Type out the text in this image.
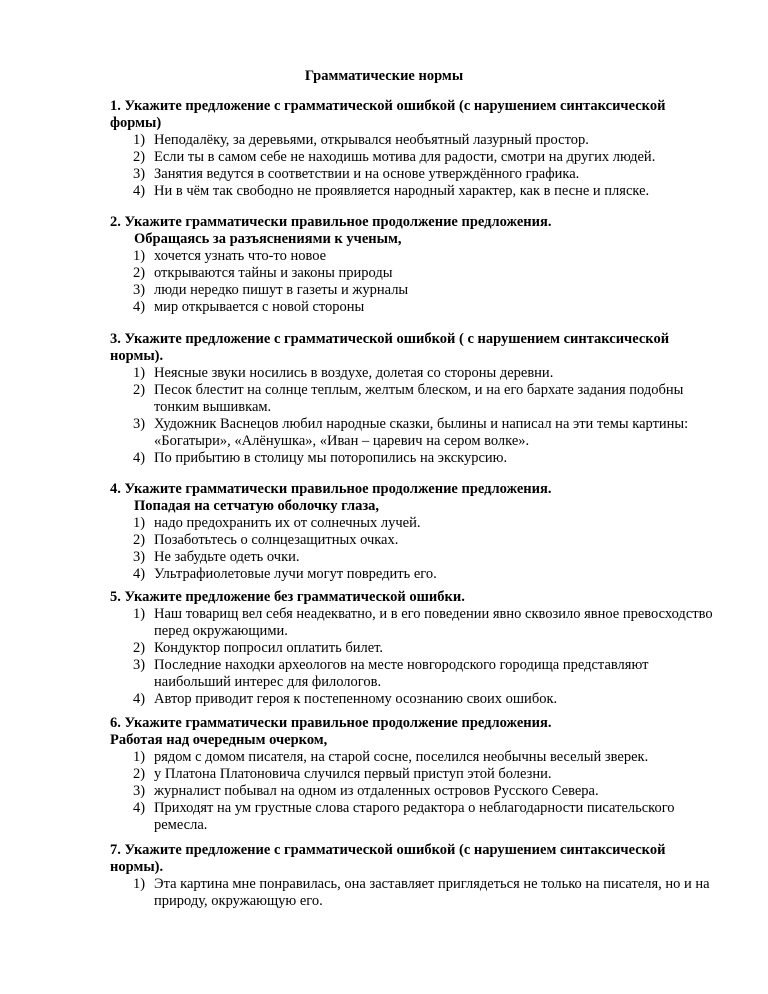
Грамматические нормы
1. Укажите предложение с грамматической ошибкой (с нарушением синтаксической формы)
1) Неподалёку, за деревьями, открывался необъятный лазурный простор.
2) Если ты в самом себе не находишь мотива для радости, смотри на других людей.
3) Занятия ведутся в соответствии и на основе утверждённого графика.
4) Ни в чём так свободно не проявляется народный характер, как в песне и пляске.
2. Укажите грамматически правильное продолжение предложения.
Обращаясь за разъяснениями к ученым,
1) хочется узнать что-то новое
2) открываются тайны и законы природы
3) люди нередко пишут в газеты и журналы
4) мир открывается с новой стороны
3. Укажите предложение с грамматической ошибкой ( с нарушением синтаксической нормы).
1) Неясные звуки носились в воздухе, долетая со стороны деревни.
2) Песок блестит на солнце теплым, желтым блеском, и на его бархате задания подобны тонким вышивкам.
3) Художник Васнецов любил народные сказки, былины и написал на эти темы картины: «Богатыри», «Алёнушка», «Иван – царевич на сером волке».
4) По прибытию в столицу мы поторопились на экскурсию.
4. Укажите грамматически правильное продолжение предложения.
Попадая на сетчатую оболочку глаза,
1) надо предохранить их от солнечных лучей.
2) Позаботьтесь о солнцезащитных очках.
3) Не забудьте одеть очки.
4) Ультрафиолетовые лучи могут повредить его.
5. Укажите предложение без грамматической ошибки.
1) Наш товарищ вел себя неадекватно, и в его поведении явно сквозило явное превосходство перед окружающими.
2) Кондуктор попросил оплатить билет.
3) Последние находки археологов на месте новгородского городища представляют наибольший интерес для филологов.
4) Автор приводит героя к постепенному осознанию своих ошибок.
6. Укажите грамматически правильное продолжение предложения.
Работая над очередным очерком,
1) рядом с домом писателя, на старой сосне, поселился необычны веселый зверек.
2) у Платона Платоновича случился первый приступ этой болезни.
3) журналист побывал на одном из отдаленных островов Русского Севера.
4) Приходят на ум грустные слова старого редактора о неблагодарности писательского ремесла.
7. Укажите предложение с грамматической ошибкой (с нарушением синтаксической нормы).
1) Эта картина мне понравилась, она заставляет приглядеться не только на писателя, но и на природу, окружающую его.
